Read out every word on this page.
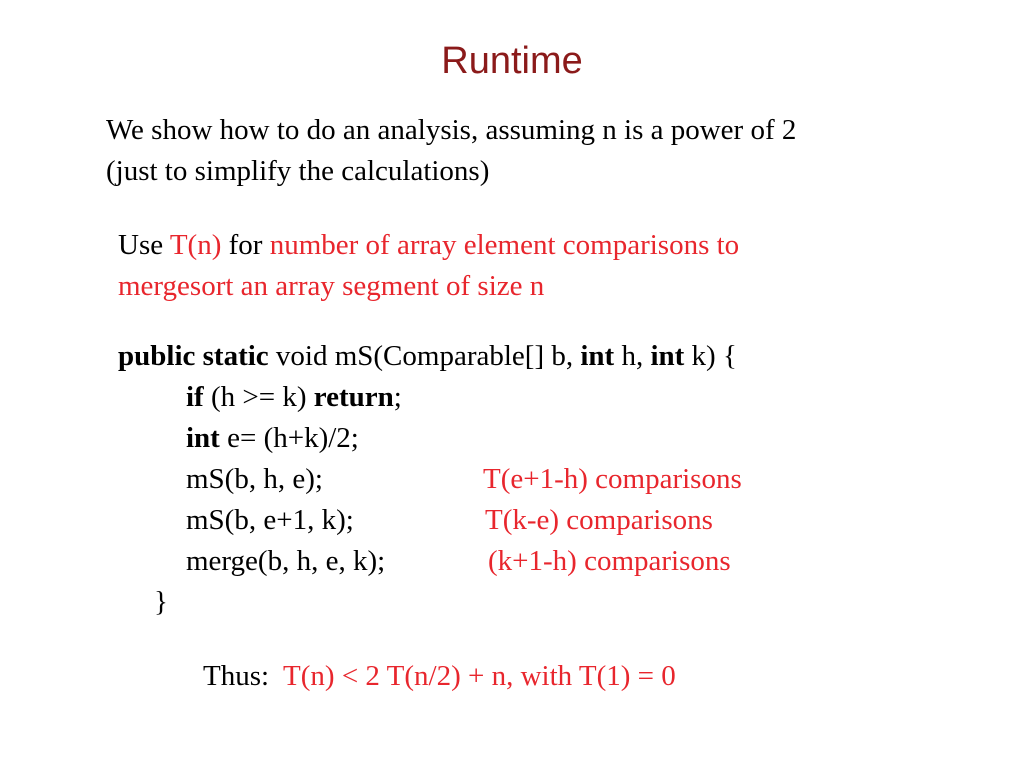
Runtime
We show how to do an analysis, assuming n is a power of 2
(just to simplify the calculations)
Use T(n) for number of array element comparisons to
mergesort an array segment of size n
public static void mS(Comparable[] b, int h, int k) {
if (h >= k) return;
int e= (h+k)/2;
mS(b, h, e);	T(e+1-h) comparisons
mS(b, e+1, k);	T(k-e) comparisons
merge(b, h, e, k);	(k+1-h) comparisons
}
Thus: T(n) < 2 T(n/2) + n, with T(1) = 0
